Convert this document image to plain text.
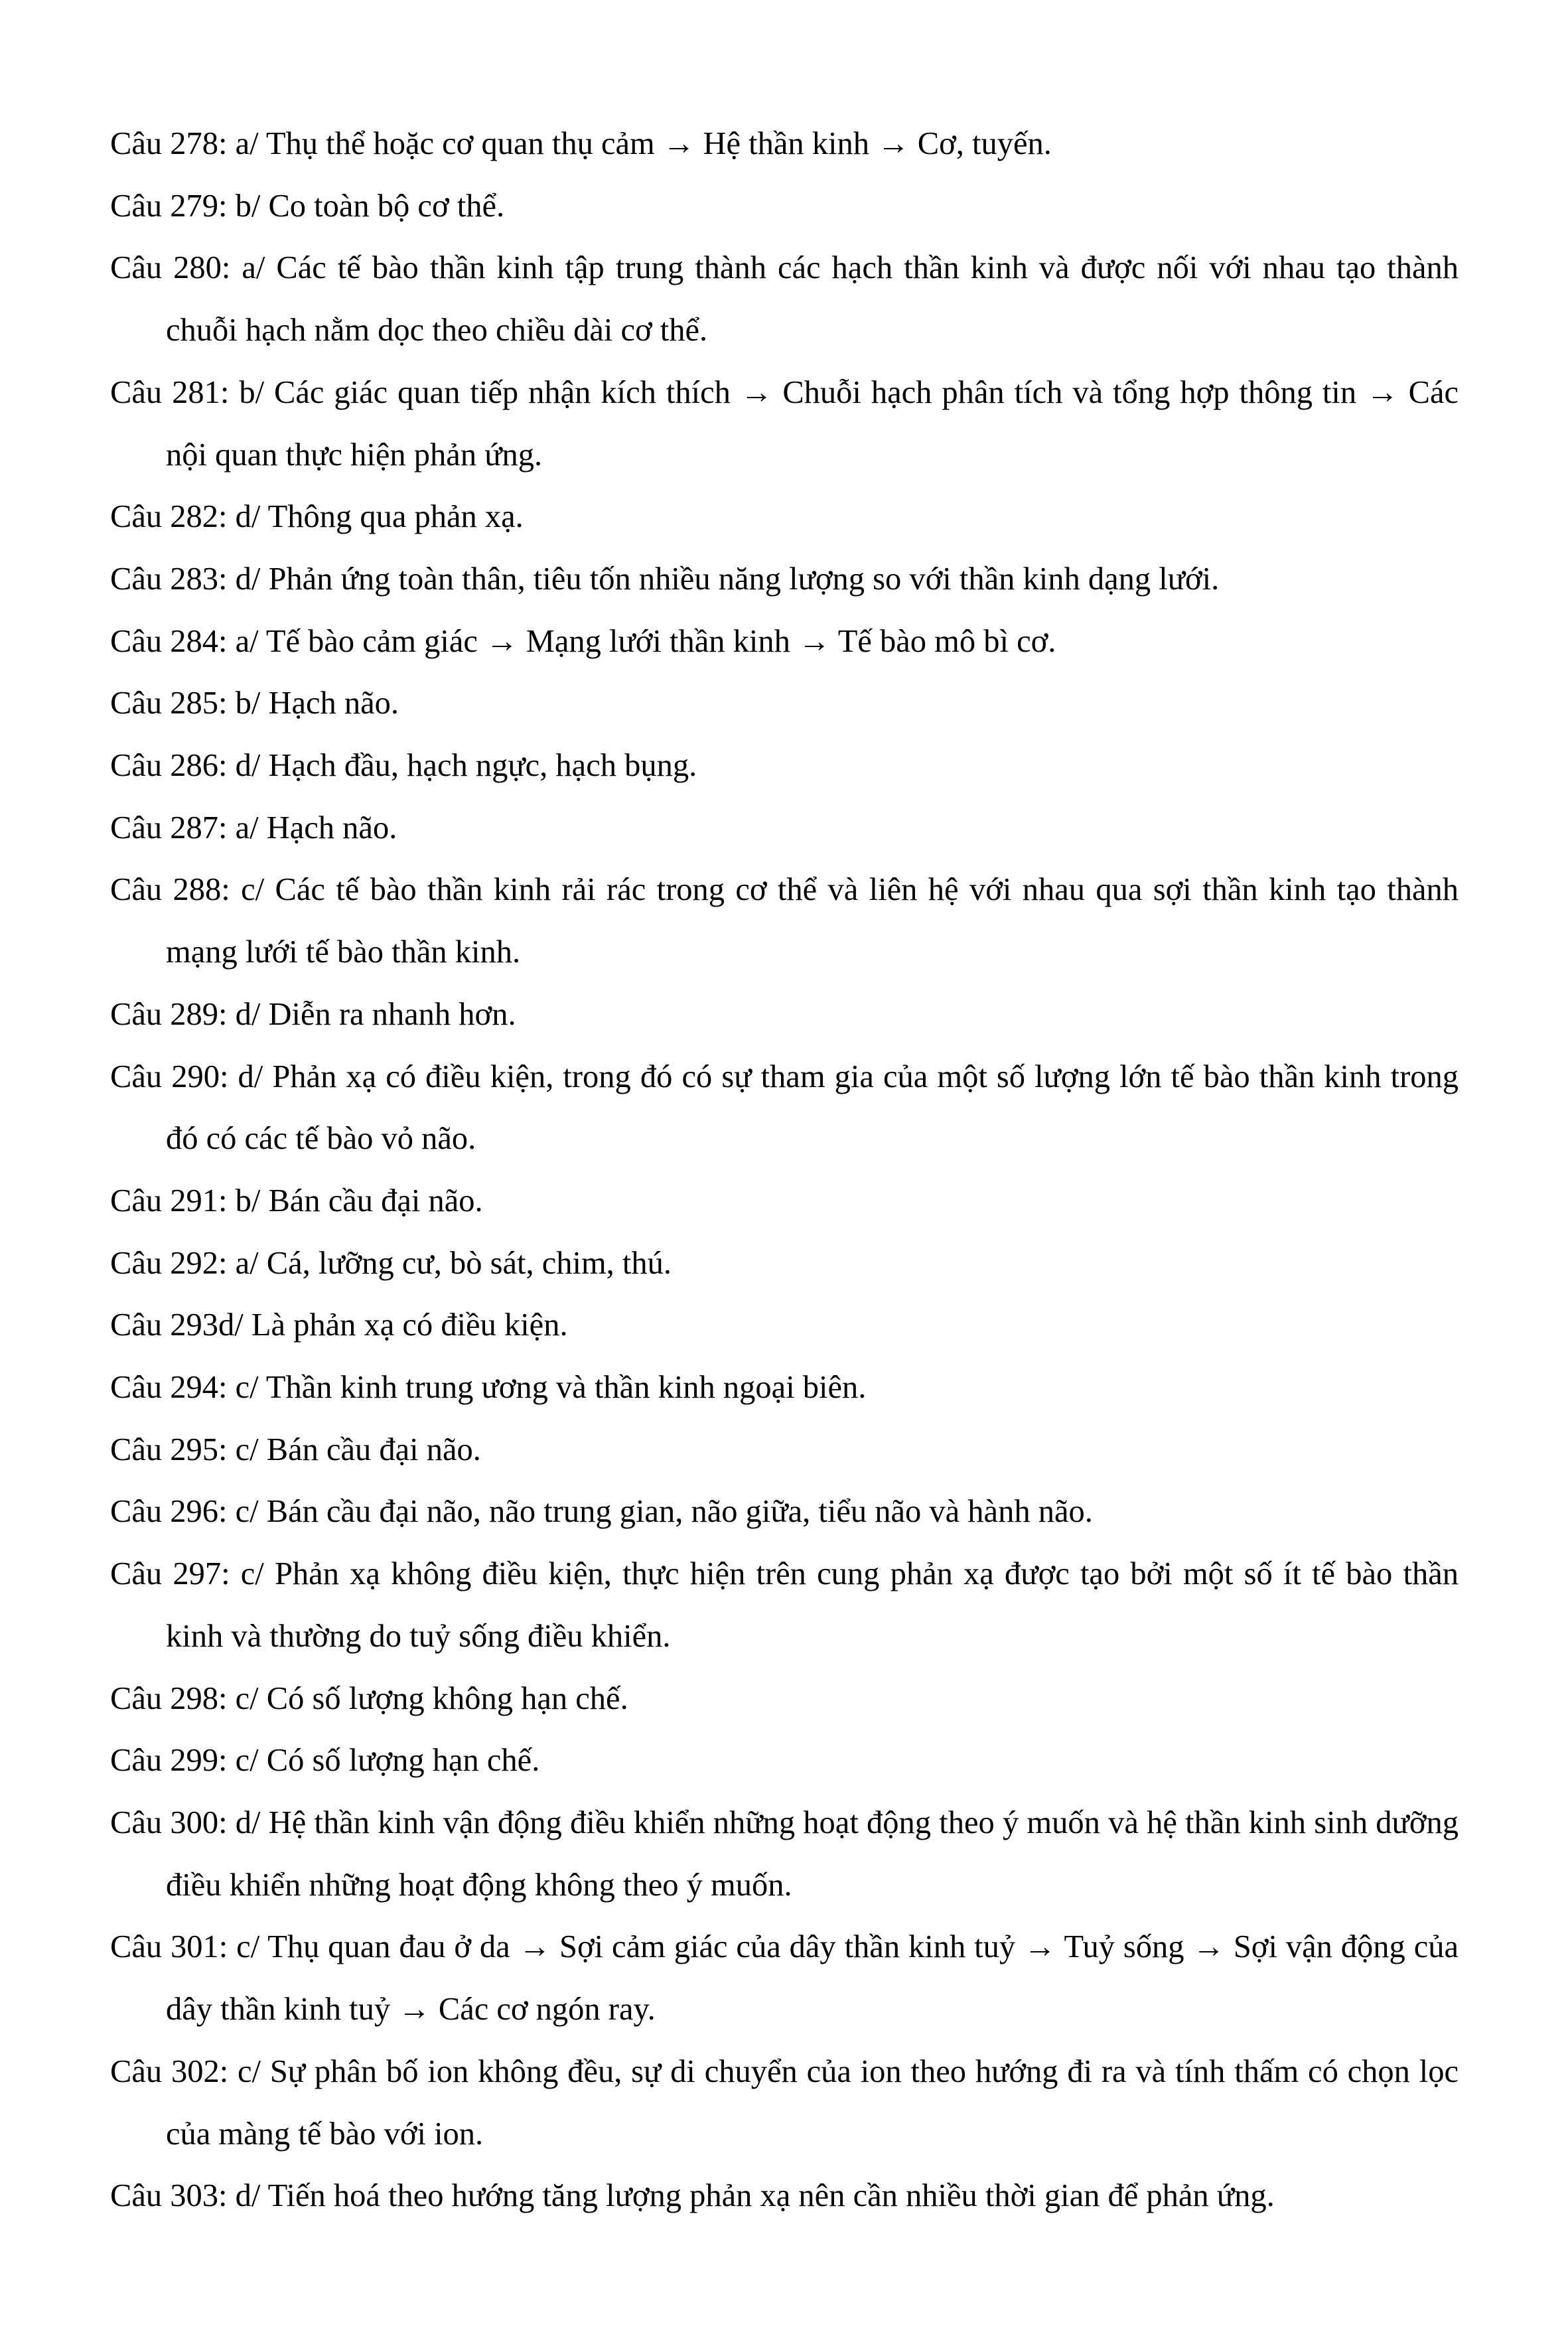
Câu 278: a/ Thụ thể hoặc cơ quan thụ cảm → Hệ thần kinh → Cơ, tuyến.

Câu 279: b/ Co toàn bộ cơ thể.

Câu 280: a/ Các tế bào thần kinh tập trung thành các hạch thần kinh và được nối với nhau tạo thành chuỗi hạch nằm dọc theo chiều dài cơ thể.

Câu 281: b/ Các giác quan tiếp nhận kích thích → Chuỗi hạch phân tích và tổng hợp thông tin → Các nội quan thực hiện phản ứng.

Câu 282: d/ Thông qua phản xạ.

Câu 283: d/ Phản ứng toàn thân, tiêu tốn nhiều năng lượng so với thần kinh dạng lưới.

Câu 284: a/ Tế bào cảm giác → Mạng lưới thần kinh → Tế bào mô bì cơ.

Câu 285: b/ Hạch não.

Câu 286: d/ Hạch đầu, hạch ngực, hạch bụng.

Câu 287: a/ Hạch não.

Câu 288: c/ Các tế bào thần kinh rải rác trong cơ thể và liên hệ với nhau qua sợi thần kinh tạo thành mạng lưới tế bào thần kinh.

Câu 289: d/ Diễn ra nhanh hơn.

Câu 290: d/ Phản xạ có điều kiện, trong đó có sự tham gia của một số lượng lớn tế bào thần kinh trong đó có các tế bào vỏ não.

Câu 291: b/ Bán cầu đại não.

Câu 292: a/ Cá, lưỡng cư, bò sát, chim, thú.

Câu 293d/ Là phản xạ có điều kiện.

Câu 294: c/ Thần kinh trung ương và thần kinh ngoại biên.

Câu 295: c/ Bán cầu đại não.

Câu 296: c/ Bán cầu đại não, não trung gian, não giữa, tiểu não và hành não.

Câu 297: c/ Phản xạ không điều kiện, thực hiện trên cung phản xạ được tạo bởi một số ít tế bào thần kinh và thường do tuỷ sống điều khiển.

Câu 298: c/ Có số lượng không hạn chế.

Câu 299: c/ Có số lượng hạn chế.

Câu 300: d/ Hệ thần kinh vận động điều khiển những hoạt động theo ý muốn và hệ thần kinh sinh dưỡng điều khiển những hoạt động không theo ý muốn.

Câu 301: c/ Thụ quan đau ở da → Sợi cảm giác của dây thần kinh tuỷ → Tuỷ sống → Sợi vận động của dây thần kinh tuỷ → Các cơ ngón ray.

Câu 302: c/ Sự phân bố ion không đều, sự di chuyển của ion theo hướng đi ra và tính thấm có chọn lọc của màng tế bào với ion.

Câu 303: d/ Tiến hoá theo hướng tăng lượng phản xạ nên cần nhiều thời gian để phản ứng.
